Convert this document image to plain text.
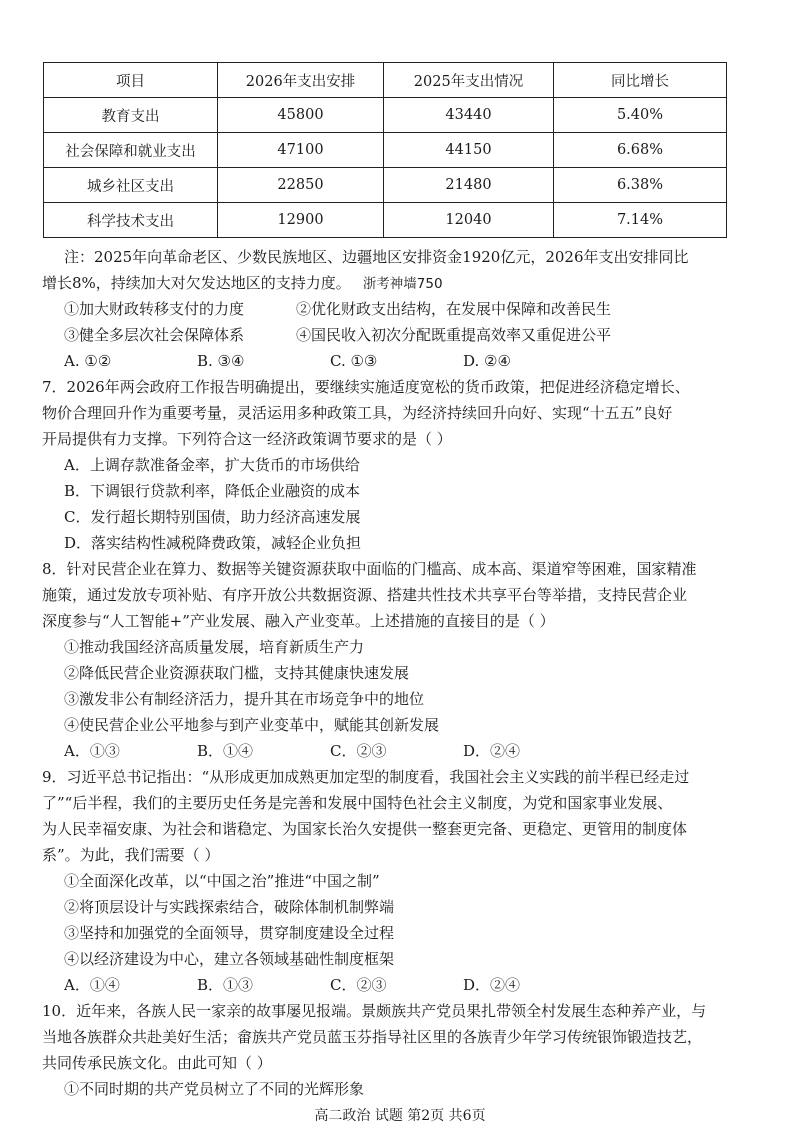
项目	2026年支出安排	2025年支出情况	同比增长
教育支出	45800	43440	5.40%
社会保障和就业支出	47100	44150	6.68%
城乡社区支出	22850	21480	6.38%
科学技术支出	12900	12040	7.14%
注：2025年向革命老区、少数民族地区、边疆地区安排资金1920亿元，2026年支出安排同比
增长8%，持续加大对欠发达地区的支持力度。 浙考神墙750
①加大财政转移支付的力度	②优化财政支出结构，在发展中保障和改善民生
③健全多层次社会保障体系	④国民收入初次分配既重提高效率又重促进公平
A. ①②	B. ③④	C. ①③	D. ②④
7．2026年两会政府工作报告明确提出，要继续实施适度宽松的货币政策，把促进经济稳定增长、
物价合理回升作为重要考量，灵活运用多种政策工具，为经济持续回升向好、实现“十五五”良好
开局提供有力支撑。下列符合这一经济政策调节要求的是（ ）
A．上调存款准备金率，扩大货币的市场供给
B．下调银行贷款利率，降低企业融资的成本
C．发行超长期特别国债，助力经济高速发展
D．落实结构性减税降费政策，减轻企业负担
8．针对民营企业在算力、数据等关键资源获取中面临的门槛高、成本高、渠道窄等困难，国家精准
施策，通过发放专项补贴、有序开放公共数据资源、搭建共性技术共享平台等举措，支持民营企业
深度参与“人工智能+”产业发展、融入产业变革。上述措施的直接目的是（ ）
①推动我国经济高质量发展，培育新质生产力
②降低民营企业资源获取门槛，支持其健康快速发展
③激发非公有制经济活力，提升其在市场竞争中的地位
④使民营企业公平地参与到产业变革中，赋能其创新发展
A．①③	B．①④	C．②③	D．②④
9．习近平总书记指出：“从形成更加成熟更加定型的制度看，我国社会主义实践的前半程已经走过
了”“后半程，我们的主要历史任务是完善和发展中国特色社会主义制度，为党和国家事业发展、
为人民幸福安康、为社会和谐稳定、为国家长治久安提供一整套更完备、更稳定、更管用的制度体
系”。为此，我们需要（ ）
①全面深化改革，以“中国之治”推进“中国之制”
②将顶层设计与实践探索结合，破除体制机制弊端
③坚持和加强党的全面领导，贯穿制度建设全过程
④以经济建设为中心，建立各领域基础性制度框架
A．①④	B．①③	C．②③	D．②④
10．近年来，各族人民一家亲的故事屡见报端。景颇族共产党员果扎带领全村发展生态种养产业，与
当地各族群众共赴美好生活；畲族共产党员蓝玉芬指导社区里的各族青少年学习传统银饰锻造技艺，
共同传承民族文化。由此可知（ ）
①不同时期的共产党员树立了不同的光辉形象
高二政治 试题 第2页 共6页
